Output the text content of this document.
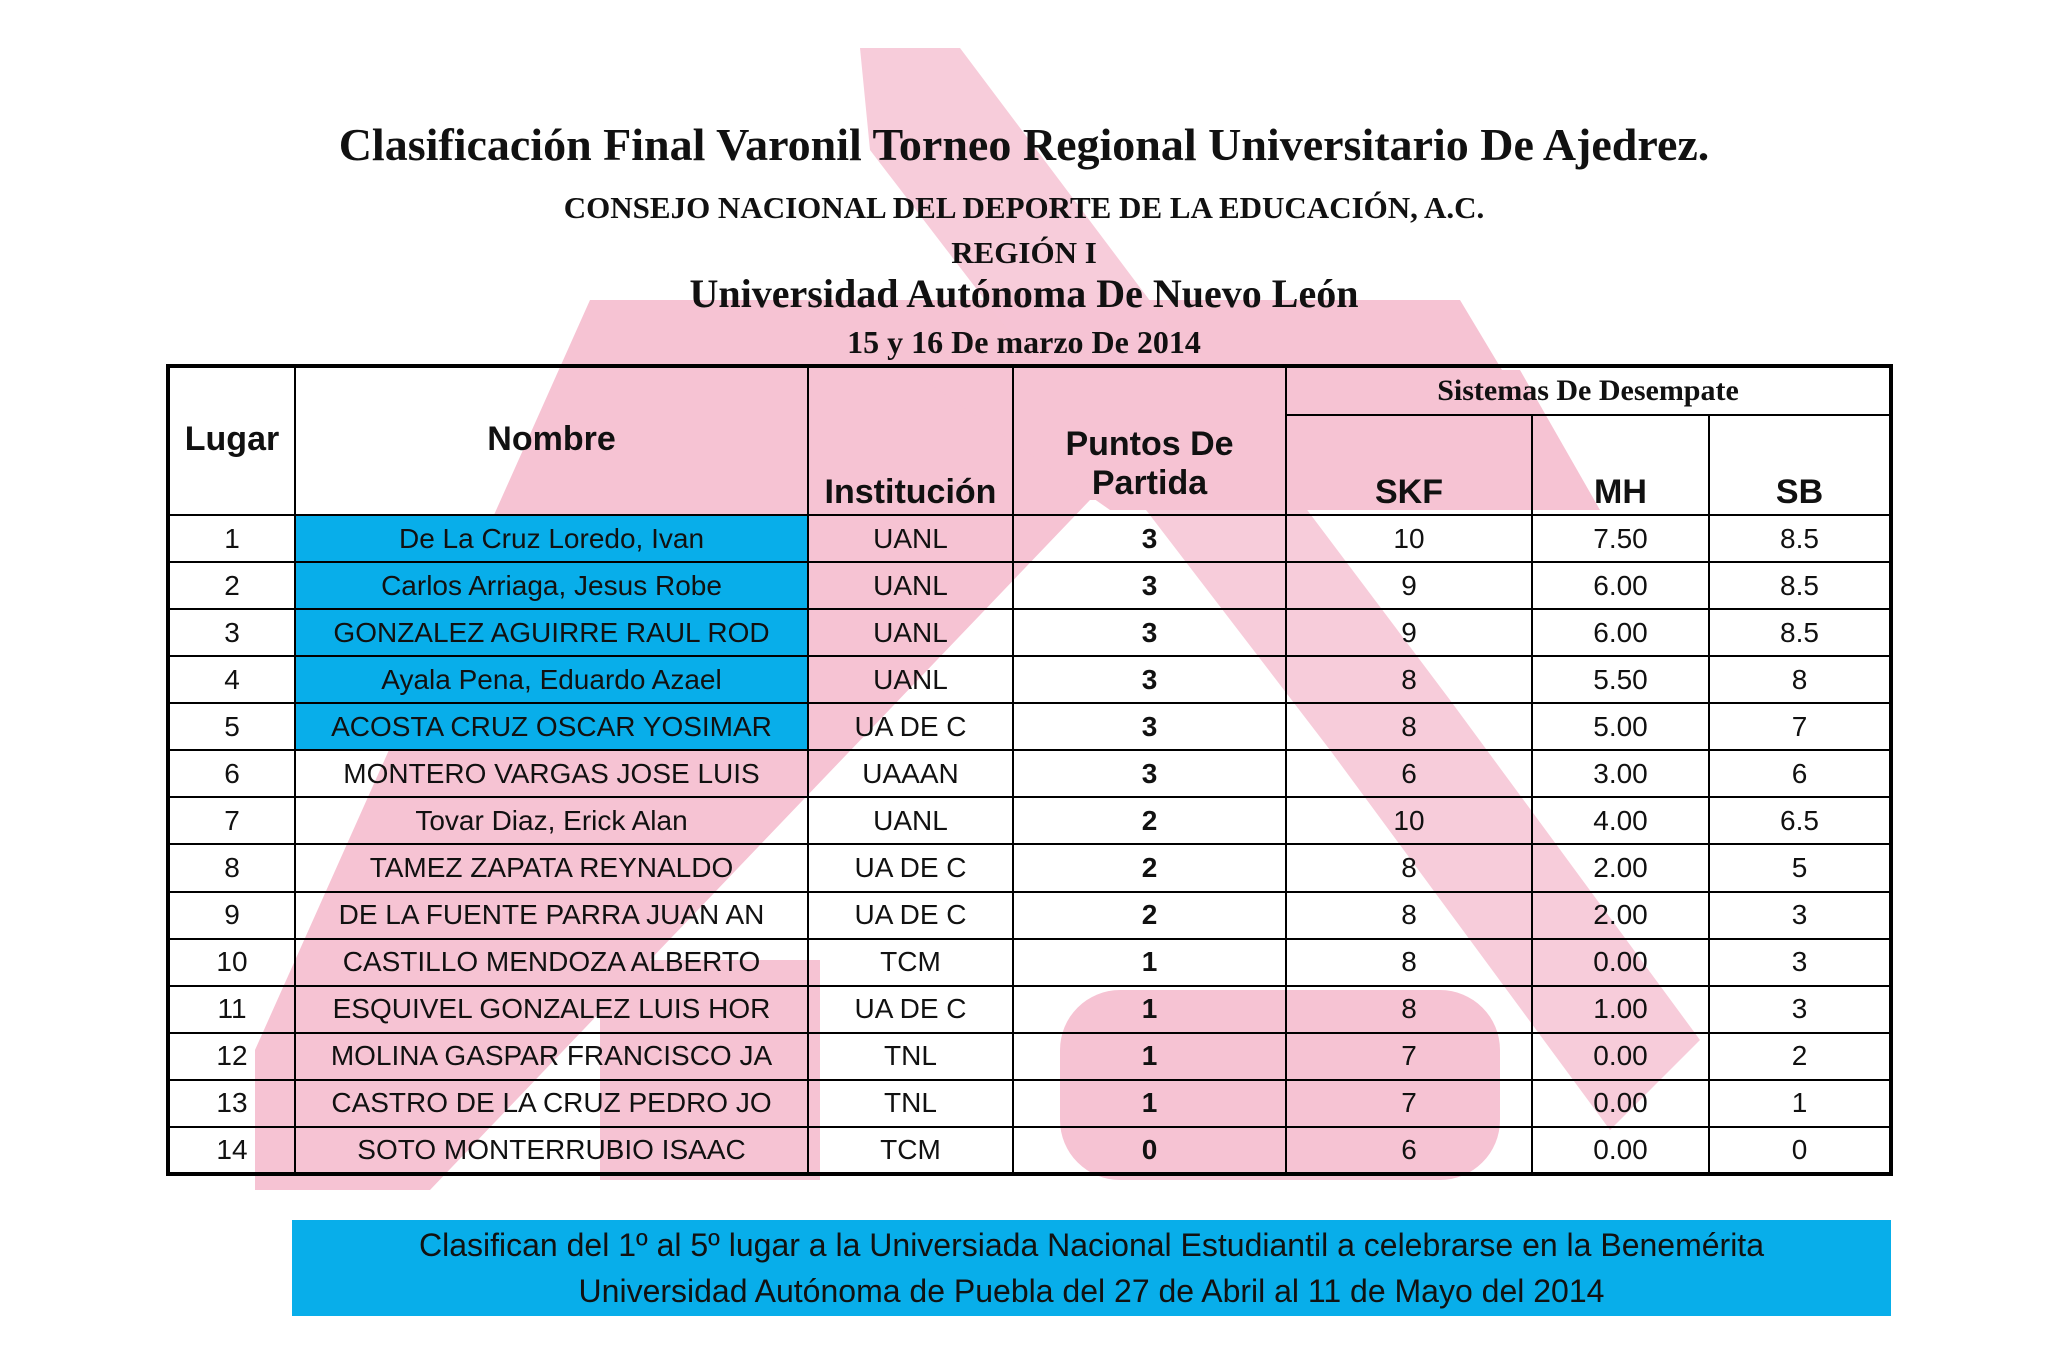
Clasificación Final Varonil Torneo Regional Universitario De Ajedrez.
CONSEJO NACIONAL DEL DEPORTE DE LA EDUCACIÓN, A.C.
REGIÓN I
Universidad Autónoma De Nuevo León
15 y 16 De marzo De 2014
Lugar	Nombre	Institución	Puntos De
Partida	Sistemas De Desempate		
				SKF	MH	SB
1	De La Cruz Loredo, Ivan	UANL	3	10	7.50	8.5
2	Carlos Arriaga, Jesus Robe	UANL	3	9	6.00	8.5
3	GONZALEZ AGUIRRE RAUL ROD	UANL	3	9	6.00	8.5
4	Ayala Pena, Eduardo Azael	UANL	3	8	5.50	8
5	ACOSTA CRUZ OSCAR YOSIMAR	UA DE C	3	8	5.00	7
6	MONTERO VARGAS JOSE LUIS	UAAAN	3	6	3.00	6
7	Tovar Diaz, Erick Alan	UANL	2	10	4.00	6.5
8	TAMEZ ZAPATA REYNALDO	UA DE C	2	8	2.00	5
9	DE LA FUENTE PARRA JUAN AN	UA DE C	2	8	2.00	3
10	CASTILLO MENDOZA ALBERTO	TCM	1	8	0.00	3
11	ESQUIVEL GONZALEZ LUIS HOR	UA DE C	1	8	1.00	3
12	MOLINA GASPAR FRANCISCO JA	TNL	1	7	0.00	2
13	CASTRO DE LA CRUZ PEDRO JO	TNL	1	7	0.00	1
14	SOTO MONTERRUBIO ISAAC	TCM	0	6	0.00	0
Clasifican del 1º al 5º lugar a la Universiada Nacional Estudiantil a celebrarse en la Benemérita
Universidad Autónoma de Puebla del 27 de Abril al 11 de Mayo del 2014
